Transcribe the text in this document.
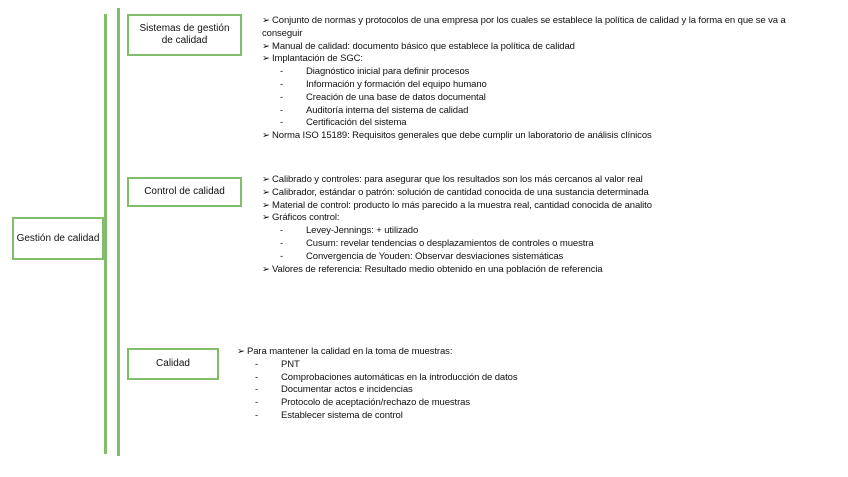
Gestión de calidad
Sistemas de gestión de calidad
➢ Conjunto de normas y protocolos de una empresa por los cuales se establece la política de calidad y la forma en que se va a conseguir
➢ Manual de calidad: documento básico que establece la política de calidad
➢ Implantación de SGC:
- Diagnóstico inicial para definir procesos
- Información y formación del equipo humano
- Creación de una base de datos documental
- Auditoría interna del sistema de calidad
- Certificación del sistema
➢ Norma ISO 15189: Requisitos generales que debe cumplir un laboratorio de análisis clínicos
Control de calidad
➢ Calibrado y controles: para asegurar que los resultados son los más cercanos al valor real
➢ Calibrador, estándar o patrón: solución de cantidad conocida de una sustancia determinada
➢ Material de control: producto lo más parecido a la muestra real, cantidad conocida de analito
➢ Gráficos control:
- Levey-Jennings: + utilizado
- Cusum: revelar tendencias o desplazamientos de controles o muestra
- Convergencia de Youden: Observar desviaciones sistemáticas
➢ Valores de referencia: Resultado medio obtenido en una población de referencia
Calidad
➢ Para mantener la calidad en la toma de muestras:
- PNT
- Comprobaciones automáticas en la introducción de datos
- Documentar actos e incidencias
- Protocolo de aceptación/rechazo de muestras
- Establecer sistema de control
